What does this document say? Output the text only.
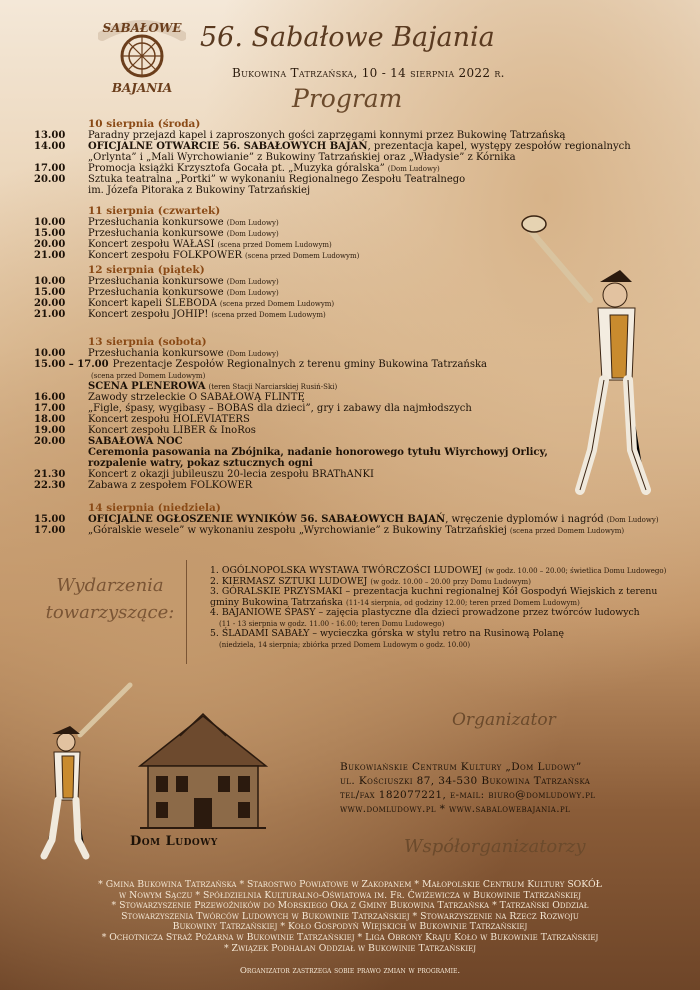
SABAŁOWE
BAJANIA
56. Sabałowe Bajania
Bukowina Tatrzańska, 10 - 14 sierpnia 2022 r.
Program
10 sierpnia (środa)
13.00 Paradny przejazd kapel i zaproszonych gości zaprzęgami konnymi przez Bukowinę Tatrzańską
14.00 OFICJALNE OTWARCIE 56. SABAŁOWYCH BAJAŃ, prezentacja kapel, występy zespołów regionalnych
„Orlynta” i „Mali Wyrchowianie” z Bukowiny Tatrzańskiej oraz „Władysie” z Kórnika
17.00 Promocja książki Krzysztofa Gocała pt. „Muzyka góralska” (Dom Ludowy)
20.00 Sztuka teatralna „Portki” w wykonaniu Regionalnego Zespołu Teatralnego
im. Józefa Pitoraka z Bukowiny Tatrzańskiej
11 sierpnia (czwartek)
10.00 Przesłuchania konkursowe (Dom Ludowy)
15.00 Przesłuchania konkursowe (Dom Ludowy)
20.00 Koncert zespołu WAŁASI (scena przed Domem Ludowym)
21.00 Koncert zespołu FOLKPOWER (scena przed Domem Ludowym)
12 sierpnia (piątek)
10.00 Przesłuchania konkursowe (Dom Ludowy)
15.00 Przesłuchania konkursowe (Dom Ludowy)
20.00 Koncert kapeli ŚLEBODA (scena przed Domem Ludowym)
21.00 Koncert zespołu JOHIP! (scena przed Domem Ludowym)
13 sierpnia (sobota)
10.00 Przesłuchania konkursowe (Dom Ludowy)
15.00 – 17.00 Prezentacje Zespołów Regionalnych z terenu gminy Bukowina Tatrzańska
(scena przed Domem Ludowym)
SCENA PLENEROWA (teren Stacji Narciarskiej Rusiń-Ski)
16.00 Zawody strzeleckie O SABAŁOWĄ FLINTĘ
17.00 „Figle, śpasy, wygibasy – BOBAS dla dzieci”, gry i zabawy dla najmłodszych
18.00 Koncert zespołu HOLEVIATERS
19.00 Koncert zespołu LIBER & InoRos
20.00 SABAŁOWA NOC
Ceremonia pasowania na Zbójnika, nadanie honorowego tytułu Wiyrchowyj Orlicy,
rozpalenie watry, pokaz sztucznych ogni
21.30 Koncert z okazji jubileuszu 20-lecia zespołu BRAThANKI
22.30 Zabawa z zespołem FOLKOWER
14 sierpnia (niedziela)
15.00 OFICJALNE OGŁOSZENIE WYNIKÓW 56. SABAŁOWYCH BAJAŃ, wręczenie dyplomów i nagród (Dom Ludowy)
17.00 „Góralskie wesele” w wykonaniu zespołu „Wyrchowianie” z Bukowiny Tatrzańskiej (scena przed Domem Ludowym)
Wydarzenia
towarzyszące:
1. OGÓLNOPOLSKA WYSTAWA TWÓRCZOŚCI LUDOWEJ (w godz. 10.00 – 20.00; świetlica Domu Ludowego)
2. KIERMASZ SZTUKI LUDOWEJ (w godz. 10.00 – 20.00 przy Domu Ludowym)
3. GÓRALSKIE PRZYSMAKI – prezentacja kuchni regionalnej Kół Gospodyń Wiejskich z terenu
gminy Bukowina Tatrzańska (11-14 sierpnia, od godziny 12.00; teren przed Domem Ludowym)
4. BAJANIOWE ŚPASY – zajęcia plastyczne dla dzieci prowadzone przez twórców ludowych
(11 - 13 sierpnia w godz. 11.00 - 16.00; teren Domu Ludowego)
5. ŚLADAMI SABAŁY – wycieczka górska w stylu retro na Rusinową Polanę
(niedziela, 14 sierpnia; zbiórka przed Domem Ludowym o godz. 10.00)
Dom Ludowy
Organizator
Bukowiańskie Centrum Kultury „Dom Ludowy”
ul. Kościuszki 87, 34-530 Bukowina Tatrzańska
tel/fax 182077221, e-mail: biuro@domludowy.pl
www.domludowy.pl * www.sabalowebajania.pl
Współorganizatorzy
* Gmina Bukowina Tatrzańska * Starostwo Powiatowe w Zakopanem * Małopolskie Centrum Kultury SOKÓŁ
w Nowym Sączu * Spółdzielnia Kulturalno-Oświatowa im. Fr. Ćwiżewicza w Bukowinie Tatrzańskiej
* Stowarzyszenie Przewoźników do Morskiego Oka z Gminy Bukowina Tatrzańska * Tatrzański Oddział
Stowarzyszenia Twórców Ludowych w Bukowinie Tatrzańskiej * Stowarzyszenie na Rzecz Rozwoju
Bukowiny Tatrzańskiej * Koło Gospodyń Wiejskich w Bukowinie Tatrzańskiej
* Ochotnicza Straż Pożarna w Bukowinie Tatrzańskiej * Liga Obrony Kraju Koło w Bukowinie Tatrzańskiej
* Związek Podhalan Oddział w Bukowinie Tatrzańskiej
Organizator zastrzega sobie prawo zmian w programie.
